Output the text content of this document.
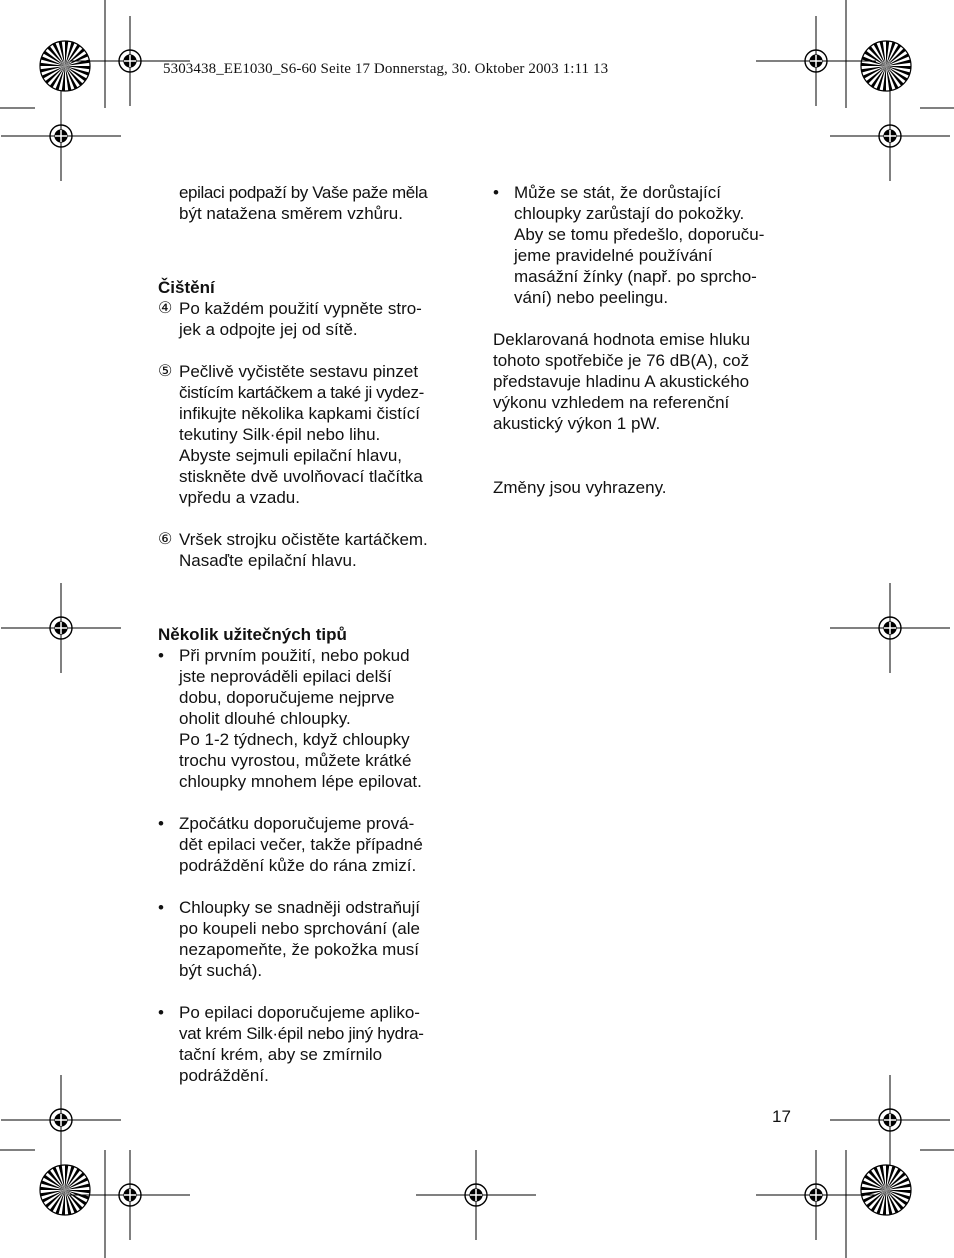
5303438_EE1030_S6-60 Seite 17 Donnerstag, 30. Oktober 2003 1:11 13
epilaci podpaží by Vaše paže měla
být natažena směrem vzhůru.

Čištění

④ Po každém použití vypněte stro-
jek a odpojte jej od sítě.
⑤ Pečlivě vyčistěte sestavu pinzet
čistícím kartáčkem a také ji vydez-
infikujte několika kapkami čistící
tekutiny Silk·épil nebo lihu.
Abyste sejmuli epilační hlavu,
stiskněte dvě uvolňovací tlačítka
vpředu a vzadu.
⑥ Vršek strojku očistěte kartáčkem.
Nasaďte epilační hlavu.

Několik užitečných tipů

• Při prvním použití, nebo pokud
jste neprováděli epilaci delší
dobu, doporučujeme nejprve
oholit dlouhé chloupky.
Po 1-2 týdnech, když chloupky
trochu vyrostou, můžete krátké
chloupky mnohem lépe epilovat.
• Zpočátku doporučujeme prová-
dět epilaci večer, takže případné
podráždění kůže do rána zmizí.
• Chloupky se snadněji odstraňují
po koupeli nebo sprchování (ale
nezapomeňte, že pokožka musí
být suchá).
• Po epilaci doporučujeme apliko-
vat krém Silk·épil nebo jiný hydra-
tační krém, aby se zmírnilo
podráždění.
• Může se stát, že dorůstající
chloupky zarůstají do pokožky.
Aby se tomu předešlo, doporuču-
jeme pravidelné používání
masážní žínky (např. po sprcho-
vání) nebo peelingu.
Deklarovaná hodnota emise hluku
tohoto spotřebiče je 76 dB(A), což
představuje hladinu A akustického
výkonu vzhledem na referenční
akustický výkon 1 pW.

Změny jsou vyhrazeny.

17
